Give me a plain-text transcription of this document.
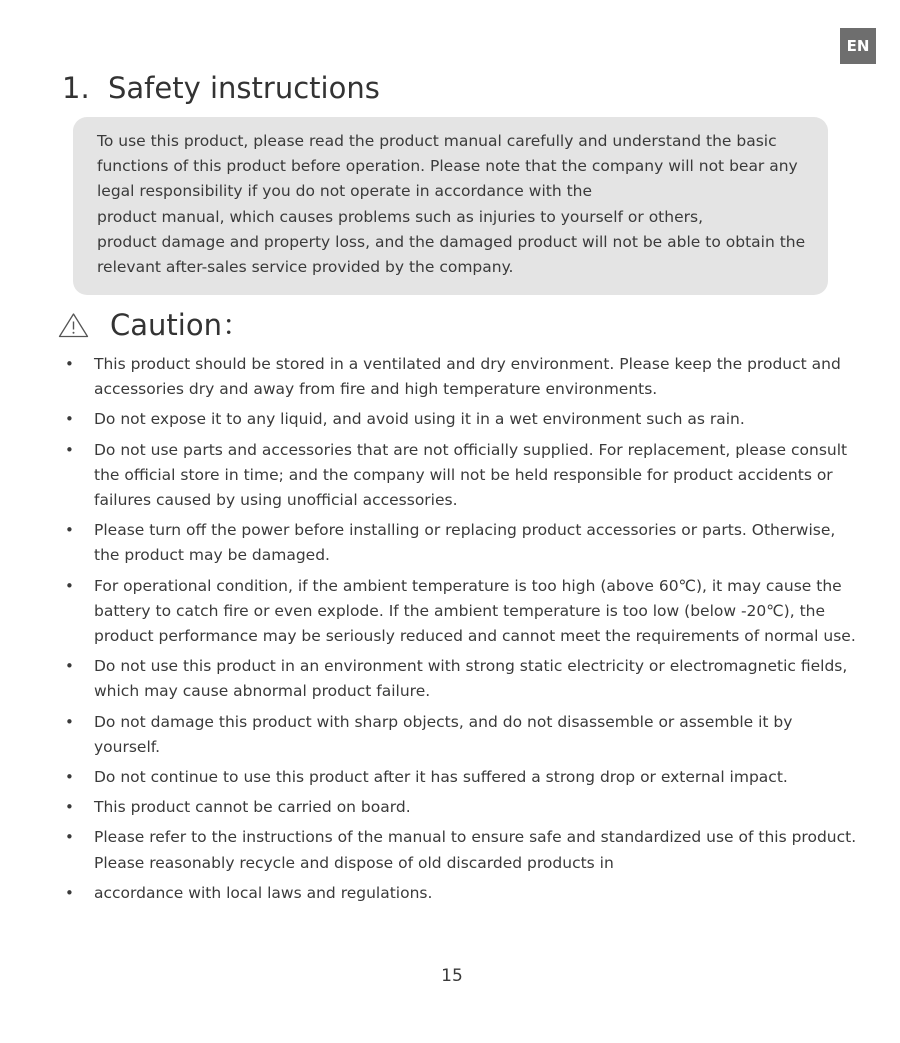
EN
1. Safety instructions
To use this product, please read the product manual carefully and understand the basic
functions of this product before operation. Please note that the company will not bear any
legal responsibility if you do not operate in accordance with the
product manual, which causes problems such as injuries to yourself or others,
product damage and property loss, and the damaged product will not be able to obtain the
relevant after-sales service provided by the company.
Caution：
• This product should be stored in a ventilated and dry environment. Please keep the product and
accessories dry and away from fire and high temperature environments.
• Do not expose it to any liquid, and avoid using it in a wet environment such as rain.
• Do not use parts and accessories that are not officially supplied. For replacement, please consult
the official store in time; and the company will not be held responsible for product accidents or
failures caused by using unofficial accessories.
• Please turn off the power before installing or replacing product accessories or parts. Otherwise,
the product may be damaged.
• For operational condition, if the ambient temperature is too high (above 60℃), it may cause the
battery to catch fire or even explode. If the ambient temperature is too low (below -20℃), the
product performance may be seriously reduced and cannot meet the requirements of normal use.
• Do not use this product in an environment with strong static electricity or electromagnetic fields,
which may cause abnormal product failure.
• Do not damage this product with sharp objects, and do not disassemble or assemble it by
yourself.
• Do not continue to use this product after it has suffered a strong drop or external impact.
• This product cannot be carried on board.
• Please refer to the instructions of the manual to ensure safe and standardized use of this product.
Please reasonably recycle and dispose of old discarded products in
• accordance with local laws and regulations.
15
